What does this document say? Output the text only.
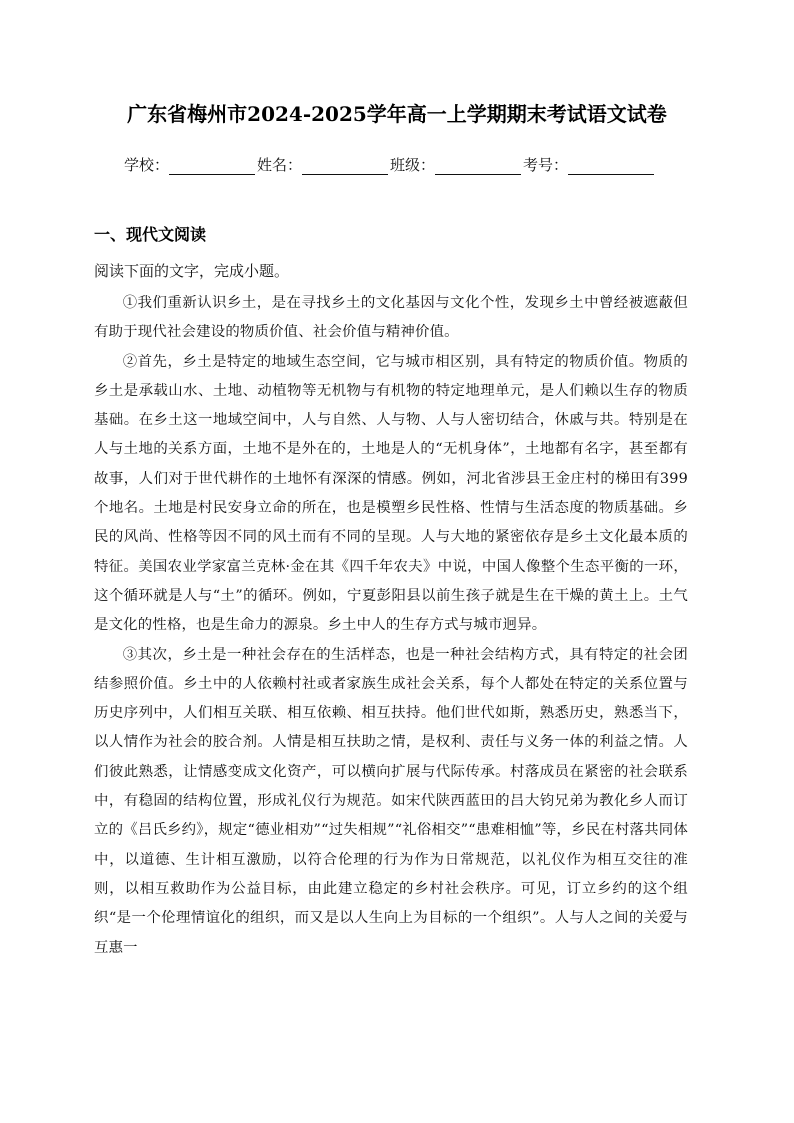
广东省梅州市2024-2025学年高一上学期期末考试语文试卷
学校：	姓名：	班级：	考号：
一、现代文阅读
阅读下面的文字，完成小题。

①我们重新认识乡土，是在寻找乡土的文化基因与文化个性，发现乡土中曾经被遮蔽但有助于现代社会建设的物质价值、社会价值与精神价值。

②首先，乡土是特定的地域生态空间，它与城市相区别，具有特定的物质价值。物质的乡土是承载山水、土地、动植物等无机物与有机物的特定地理单元，是人们赖以生存的物质基础。在乡土这一地域空间中，人与自然、人与物、人与人密切结合，休戚与共。特别是在人与土地的关系方面，土地不是外在的，土地是人的“无机身体”，土地都有名字，甚至都有故事，人们对于世代耕作的土地怀有深深的情感。例如，河北省涉县王金庄村的梯田有399个地名。土地是村民安身立命的所在，也是模塑乡民性格、性情与生活态度的物质基础。乡民的风尚、性格等因不同的风土而有不同的呈现。人与大地的紧密依存是乡土文化最本质的特征。美国农业学家富兰克林·金在其《四千年农夫》中说，中国人像整个生态平衡的一环，这个循环就是人与“土”的循环。例如，宁夏彭阳县以前生孩子就是生在干燥的黄土上。土气是文化的性格，也是生命力的源泉。乡土中人的生存方式与城市迥异。

③其次，乡土是一种社会存在的生活样态，也是一种社会结构方式，具有特定的社会团结参照价值。乡土中的人依赖村社或者家族生成社会关系，每个人都处在特定的关系位置与历史序列中，人们相互关联、相互依赖、相互扶持。他们世代如斯，熟悉历史，熟悉当下，以人情作为社会的胶合剂。人情是相互扶助之情，是权利、责任与义务一体的利益之情。人们彼此熟悉，让情感变成文化资产，可以横向扩展与代际传承。村落成员在紧密的社会联系中，有稳固的结构位置，形成礼仪行为规范。如宋代陕西蓝田的吕大钧兄弟为教化乡人而订立的《吕氏乡约》，规定“德业相劝”“过失相规”“礼俗相交”“患难相恤”等，乡民在村落共同体中，以道德、生计相互激励，以符合伦理的行为作为日常规范，以礼仪作为相互交往的准则，以相互救助作为公益目标，由此建立稳定的乡村社会秩序。可见，订立乡约的这个组织“是一个伦理情谊化的组织，而又是以人生向上为目标的一个组织”。人与人之间的关爱与互惠一
